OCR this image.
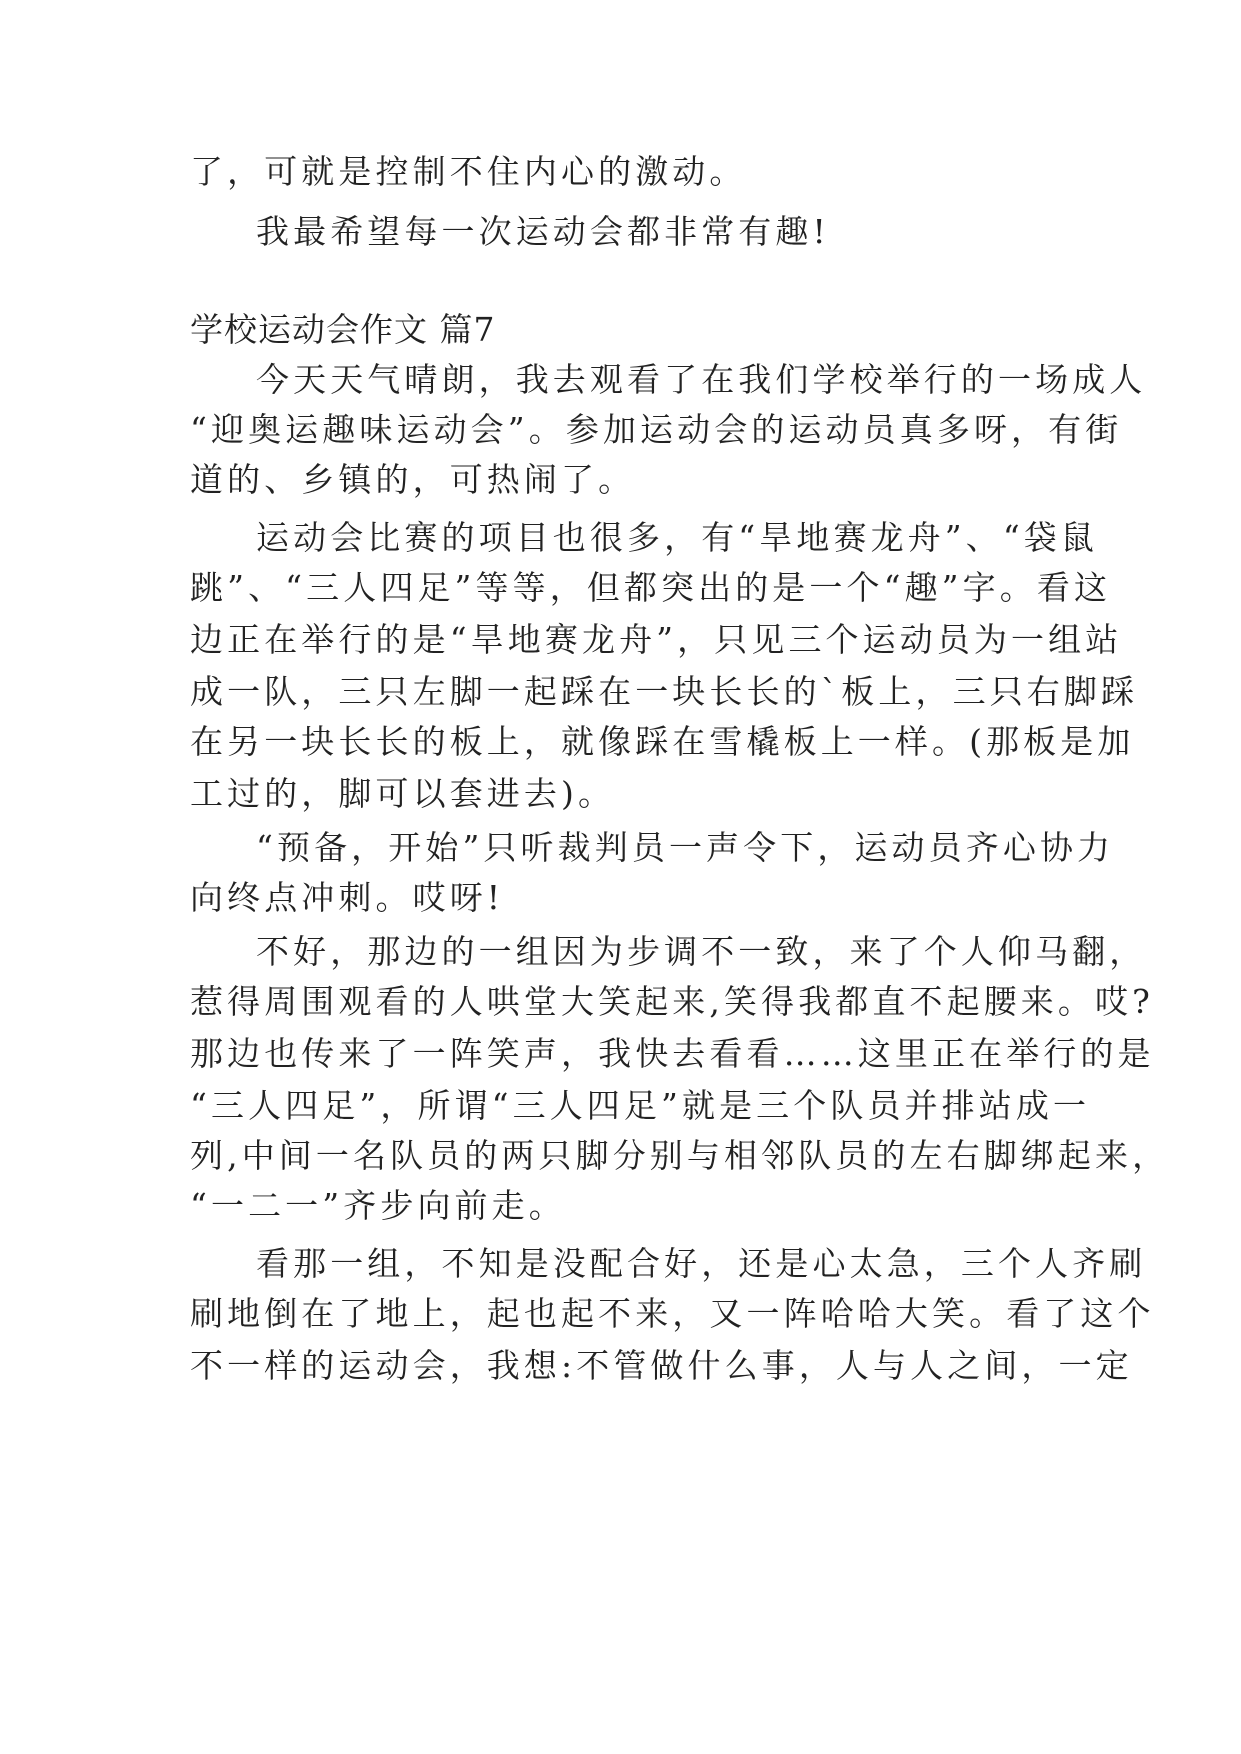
了，可就是控制不住内心的激动。
我最希望每一次运动会都非常有趣!
学校运动会作文 篇7
今天天气晴朗，我去观看了在我们学校举行的一场成人
“迎奥运趣味运动会”。参加运动会的运动员真多呀，有街
道的、乡镇的，可热闹了。
运动会比赛的项目也很多，有“旱地赛龙舟”、“袋鼠
跳”、“三人四足”等等，但都突出的是一个“趣”字。看这
边正在举行的是“旱地赛龙舟”，只见三个运动员为一组站
成一队，三只左脚一起踩在一块长长的`板上，三只右脚踩
在另一块长长的板上，就像踩在雪橇板上一样。(那板是加
工过的，脚可以套进去)。
“预备，开始”只听裁判员一声令下，运动员齐心协力
向终点冲刺。哎呀!
不好，那边的一组因为步调不一致，来了个人仰马翻，
惹得周围观看的人哄堂大笑起来,笑得我都直不起腰来。哎?
那边也传来了一阵笑声，我快去看看……这里正在举行的是
“三人四足”，所谓“三人四足”就是三个队员并排站成一
列,中间一名队员的两只脚分别与相邻队员的左右脚绑起来，
“一二一”齐步向前走。
看那一组，不知是没配合好，还是心太急，三个人齐刷
刷地倒在了地上，起也起不来，又一阵哈哈大笑。看了这个
不一样的运动会，我想:不管做什么事，人与人之间，一定
